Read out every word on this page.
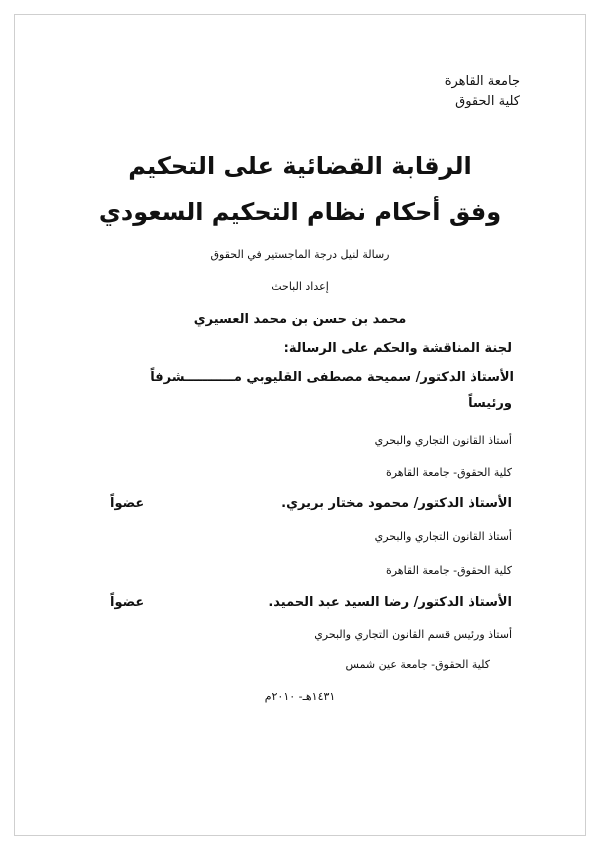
جامعة القاهرة
كلية الحقوق
الرقابة القضائية على التحكيم
وفق أحكام نظام التحكيم السعودي
رسالة لنيل درجة الماجستير في الحقوق
إعداد الباحث
محمد بن حسن بن محمد العسيري
لجنة المناقشة والحكم على الرسالة:
الأستاذ الدكتور/ سميحة مصطفى القليوبي مـــــــــــشرفاً
ورئيساً
أستاذ القانون التجاري والبحري
كلية الحقوق- جامعة القاهرة
الأستاذ الدكتور/ محمود مختار بريري.
عضواً
أستاذ القانون التجاري والبحري
كلية الحقوق- جامعة القاهرة
الأستاذ الدكتور/ رضا السيد عبد الحميد.
عضواً
أستاذ ورئيس قسم القانون التجاري والبحري
كلية الحقوق- جامعة عين شمس
١٤٣١هـ- ٢٠١٠م
